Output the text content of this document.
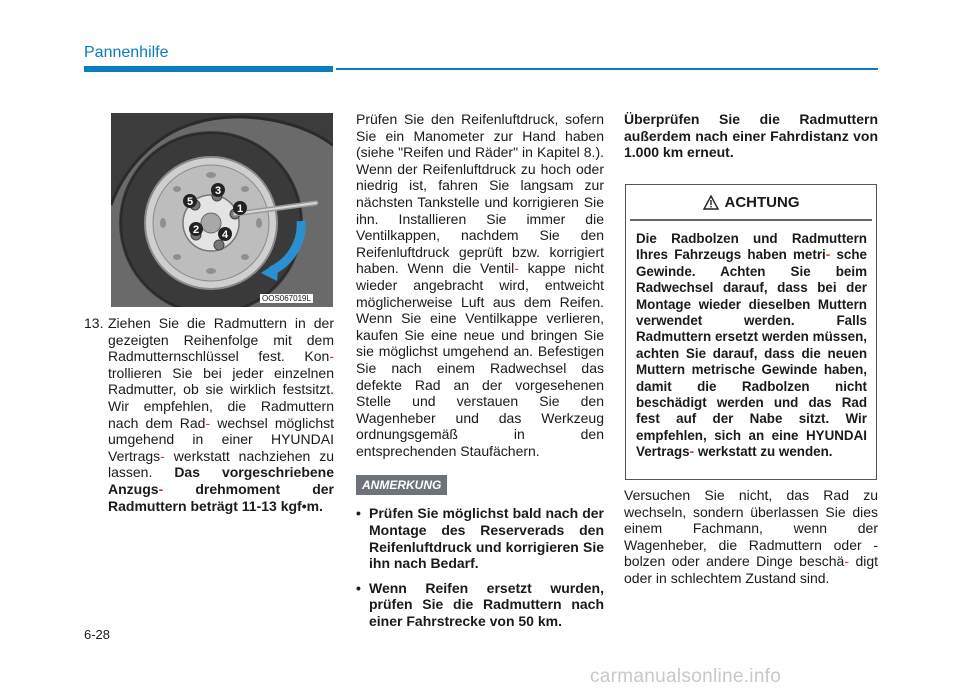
Pannenhilfe
1
2
3
4
5
OOS067019L
13. Ziehen Sie die Radmuttern in der gezeigten Reihenfolge mit dem Radmutternschlüssel fest. Kon- trollieren Sie bei jeder einzelnen Radmutter, ob sie wirklich festsitzt. Wir empfehlen, die Radmuttern nach dem Rad- wechsel möglichst umgehend in einer HYUNDAI Vertrags- werkstatt nachziehen zu lassen. Das vorgeschriebene Anzugs- drehmoment der Radmuttern beträgt 11-13 kgf•m.
Prüfen Sie den Reifenluftdruck, sofern Sie ein Manometer zur Hand haben (siehe "Reifen und Räder" in Kapitel 8.). Wenn der Reifenluftdruck zu hoch oder niedrig ist, fahren Sie langsam zur nächsten Tankstelle und korrigieren Sie ihn. Installieren Sie immer die Ventilkappen, nachdem Sie den Reifenluftdruck geprüft bzw. korrigiert haben. Wenn die Ventil- kappe nicht wieder angebracht wird, entweicht möglicherweise Luft aus dem Reifen. Wenn Sie eine Ventilkappe verlieren, kaufen Sie eine neue und bringen Sie sie möglichst umgehend an. Befestigen Sie nach einem Radwechsel das defekte Rad an der vorgesehenen Stelle und verstauen Sie den Wagenheber und das Werkzeug ordnungsgemäß in den entsprechenden Staufächern.
ANMERKUNG
• Prüfen Sie möglichst bald nach der Montage des Reserverads den Reifenluftdruck und korrigieren Sie ihn nach Bedarf.
• Wenn Reifen ersetzt wurden, prüfen Sie die Radmuttern nach einer Fahrstrecke von 50 km.
Überprüfen Sie die Radmuttern außerdem nach einer Fahrdistanz von 1.000 km erneut.
ACHTUNG
Die Radbolzen und Radmuttern Ihres Fahrzeugs haben metri- sche Gewinde. Achten Sie beim Radwechsel darauf, dass bei der Montage wieder dieselben Muttern verwendet werden. Falls Radmuttern ersetzt werden müssen, achten Sie darauf, dass die neuen Muttern metrische Gewinde haben, damit die Radbolzen nicht beschädigt werden und das Rad fest auf der Nabe sitzt. Wir empfehlen, sich an eine HYUNDAI Vertrags- werkstatt zu wenden.
Versuchen Sie nicht, das Rad zu wechseln, sondern überlassen Sie dies einem Fachmann, wenn der Wagenheber, die Radmuttern oder - bolzen oder andere Dinge beschä- digt oder in schlechtem Zustand sind.
6-28
carmanualsonline.info
